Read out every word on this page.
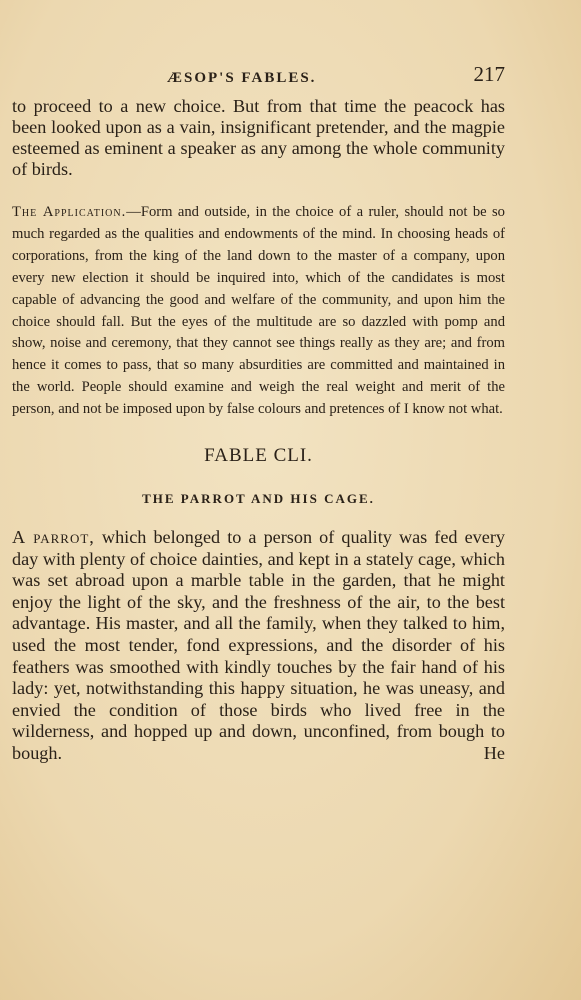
ÆSOP'S FABLES.	217

to proceed to a new choice. But from that time the peacock has been looked upon as a vain, insignificant pretender, and the magpie esteemed as eminent a speaker as any among the whole community of birds.

The Application.—Form and outside, in the choice of a ruler, should not be so much regarded as the qualities and endowments of the mind. In choosing heads of corporations, from the king of the land down to the master of a company, upon every new election it should be inquired into, which of the candidates is most capable of advancing the good and welfare of the community, and upon him the choice should fall. But the eyes of the multitude are so dazzled with pomp and show, noise and ceremony, that they cannot see things really as they are; and from hence it comes to pass, that so many absurdities are committed and maintained in the world. People should examine and weigh the real weight and merit of the person, and not be imposed upon by false colours and pretences of I know not what.

FABLE CLI.
THE PARROT AND HIS CAGE.

A parrot, which belonged to a person of quality was fed every day with plenty of choice dainties, and kept in a stately cage, which was set abroad upon a marble table in the garden, that he might enjoy the light of the sky, and the freshness of the air, to the best advantage. His master, and all the family, when they talked to him, used the most tender, fond expressions, and the disorder of his feathers was smoothed with kindly touches by the fair hand of his lady: yet, notwithstanding this happy situation, he was uneasy, and envied the condition of those birds who lived free in the wilderness, and hopped up and down, unconfined, from bough to bough. He
